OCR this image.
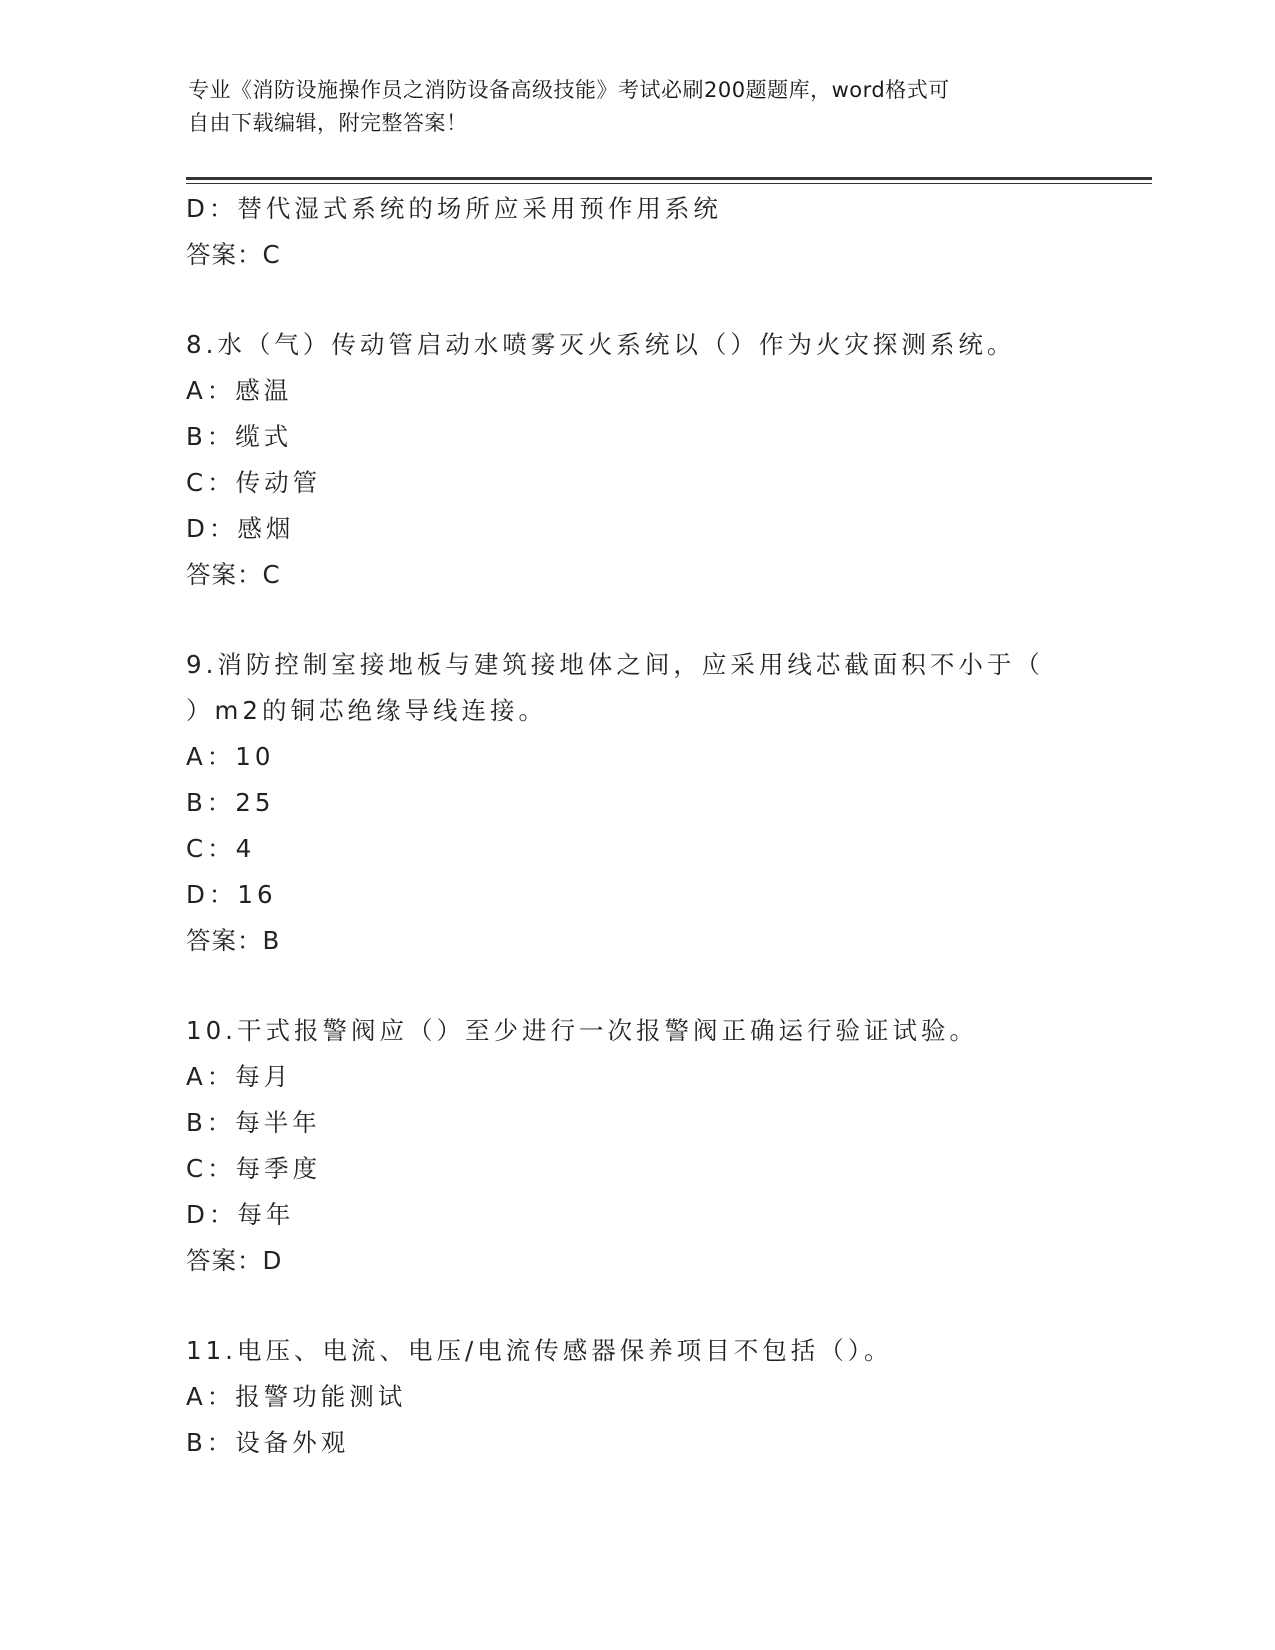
专业《消防设施操作员之消防设备高级技能》考试必刷200题题库，word格式可
自由下载编辑，附完整答案！
D：替代湿式系统的场所应采用预作用系统
答案：C
8.水（气）传动管启动水喷雾灭火系统以（）作为火灾探测系统。
A：感温
B：缆式
C：传动管
D：感烟
答案：C
9.消防控制室接地板与建筑接地体之间，应采用线芯截面积不小于（
）m2的铜芯绝缘导线连接。
A：10
B：25
C：4
D：16
答案：B
10.干式报警阀应（）至少进行一次报警阀正确运行验证试验。
A：每月
B：每半年
C：每季度
D：每年
答案：D
11.电压、电流、电压/电流传感器保养项目不包括（）。
A：报警功能测试
B：设备外观
